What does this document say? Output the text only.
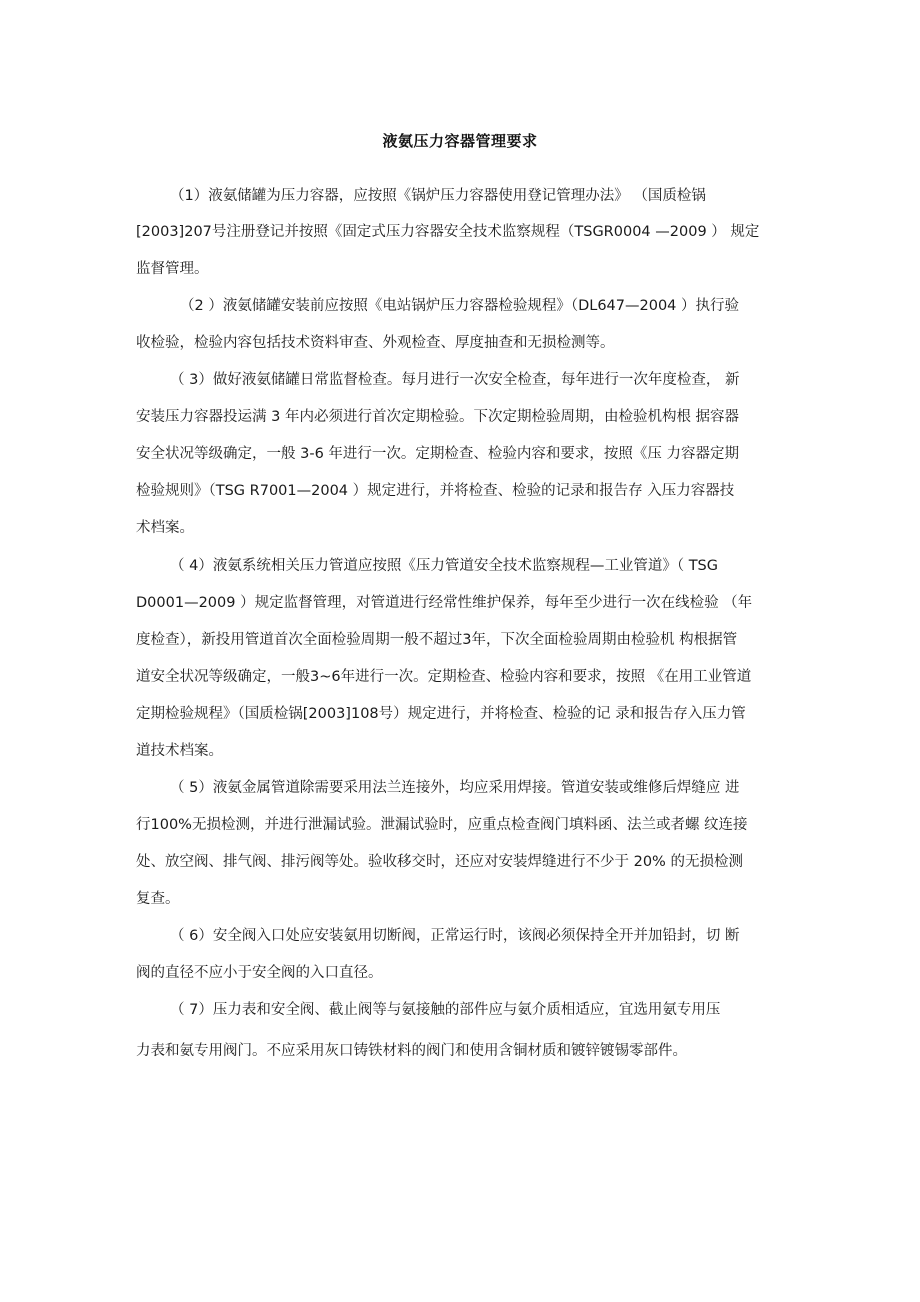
液氨压力容器管理要求
（1）液氨储罐为压力容器，应按照《锅炉压力容器使用登记管理办法》 （国质检锅
[2003]207号注册登记并按照《固定式压力容器安全技术监察规程（TSGR0004 —2009 ） 规定
监督管理。
（2 ）液氨储罐安装前应按照《电站锅炉压力容器检验规程》（DL647—2004 ）执行验
收检验，检验内容包括技术资料审查、外观检查、厚度抽查和无损检测等。
（ 3）做好液氨储罐日常监督检查。每月进行一次安全检查，每年进行一次年度检查， 新
安装压力容器投运满 3 年内必须进行首次定期检验。下次定期检验周期，由检验机构根 据容器
安全状况等级确定，一般 3-6 年进行一次。定期检查、检验内容和要求，按照《压 力容器定期
检验规则》（TSG R7001—2004 ）规定进行，并将检查、检验的记录和报告存 入压力容器技
术档案。
（ 4）液氨系统相关压力管道应按照《压力管道安全技术监察规程—工业管道》（ TSG
D0001—2009 ）规定监督管理，对管道进行经常性维护保养，每年至少进行一次在线检验 （年
度检查），新投用管道首次全面检验周期一般不超过3年，下次全面检验周期由检验机 构根据管
道安全状况等级确定，一般3~6年进行一次。定期检查、检验内容和要求，按照 《在用工业管道
定期检验规程》（国质检锅[2003]108号）规定进行，并将检查、检验的记 录和报告存入压力管
道技术档案。
（ 5）液氨金属管道除需要采用法兰连接外，均应采用焊接。管道安装或维修后焊缝应 进
行100%无损检测，并进行泄漏试验。泄漏试验时，应重点检查阀门填料函、法兰或者螺 纹连接
处、放空阀、排气阀、排污阀等处。验收移交时，还应对安装焊缝进行不少于 20% 的无损检测
复查。
（ 6）安全阀入口处应安装氨用切断阀，正常运行时，该阀必须保持全开并加铅封，切 断
阀的直径不应小于安全阀的入口直径。
（ 7）压力表和安全阀、截止阀等与氨接触的部件应与氨介质相适应，宜选用氨专用压
力表和氨专用阀门。不应采用灰口铸铁材料的阀门和使用含铜材质和镀锌镀锡零部件。
